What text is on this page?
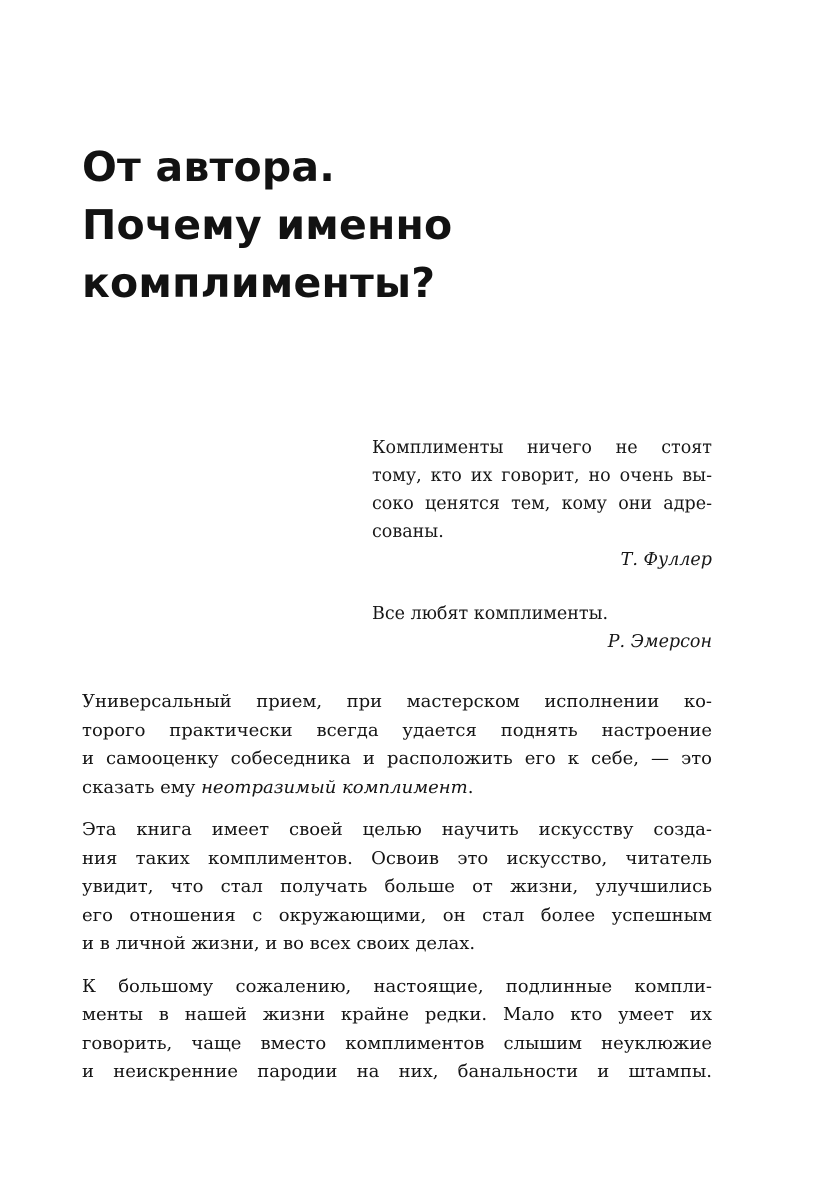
От автора.
Почему именно
комплименты?
Комплименты ничего не стоят
тому, кто их говорит, но очень вы-
соко ценятся тем, кому они адре-
сованы.
Т. Фуллер
Все любят комплименты.
Р. Эмерсон
Универсальный прием, при мастерском исполнении ко-
торого практически всегда удается поднять настроение
и самооценку собеседника и расположить его к себе, — это
сказать ему неотразимый комплимент.
Эта книга имеет своей целью научить искусству созда-
ния таких комплиментов. Освоив это искусство, читатель
увидит, что стал получать больше от жизни, улучшились
его отношения с окружающими, он стал более успешным
и в личной жизни, и во всех своих делах.
К большому сожалению, настоящие, подлинные компли-
менты в нашей жизни крайне редки. Мало кто умеет их
говорить, чаще вместо комплиментов слышим неуклюжие
и неискренние пародии на них, банальности и штампы.
